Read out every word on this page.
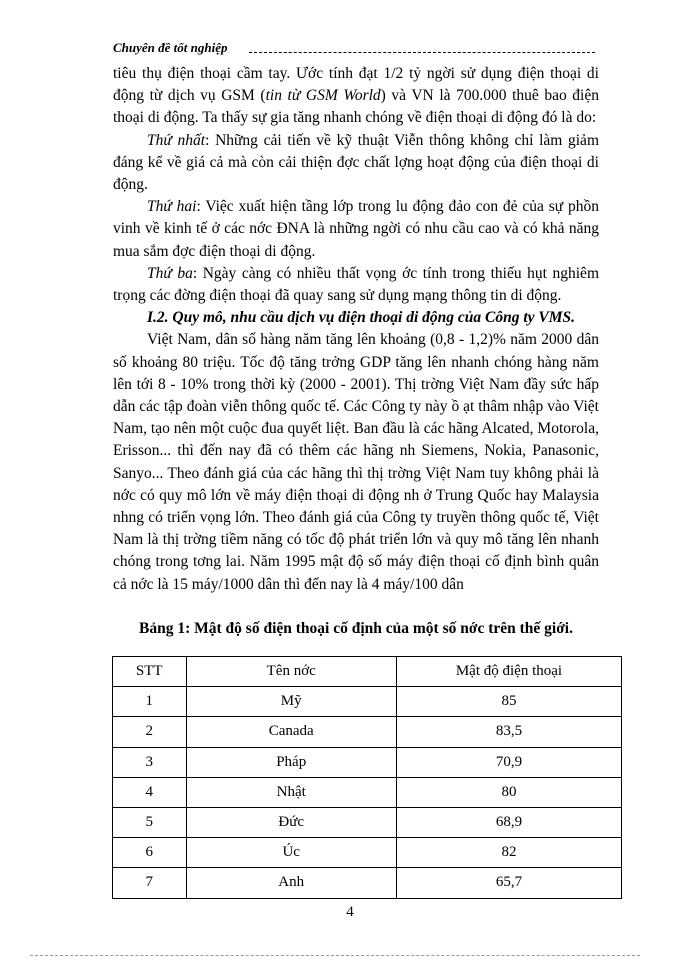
Chuyên đề tốt nghiệp

tiêu thụ điện thoại cầm tay. Ước tính đạt 1/2 tỷ ngời sử dụng điện thoại di động từ dịch vụ GSM (tin từ GSM World) và VN là 700.000 thuê bao điện thoại di động. Ta thấy sự gia tăng nhanh chóng về điện thoại di động đó là do:

Thứ nhất: Những cải tiến về kỹ thuật Viễn thông không chỉ làm giảm đáng kể về giá cả mà còn cải thiện đợc chất lợng hoạt động của điện thoại di động.

Thứ hai: Việc xuất hiện tầng lớp trong lu động đảo con đẻ của sự phồn vinh về kinh tế ở các nớc ĐNA là những ngời có nhu cầu cao và có khả năng mua sắm đợc điện thoại di động.

Thứ ba: Ngày càng có nhiều thất vọng ớc tính trong thiếu hụt nghiêm trọng các đờng điện thoại đã quay sang sử dụng mạng thông tin di động.

I.2. Quy mô, nhu cầu dịch vụ điện thoại di động của Công ty VMS.

Việt Nam, dân số hàng năm tăng lên khoảng (0,8 - 1,2)% năm 2000 dân số khoảng 80 triệu. Tốc độ tăng trởng GDP tăng lên nhanh chóng hàng năm lên tới 8 - 10% trong thời kỳ (2000 - 2001). Thị trờng Việt Nam đầy sức hấp dẫn các tập đoàn viễn thông quốc tế. Các Công ty này ồ ạt thâm nhập vào Việt Nam, tạo nên một cuộc đua quyết liệt. Ban đầu là các hãng Alcated, Motorola, Erisson... thì đến nay đã có thêm các hãng nh Siemens, Nokia, Panasonic, Sanyo... Theo đánh giá của các hãng thì thị trờng Việt Nam tuy không phải là nớc có quy mô lớn về máy điện thoại di động nh ở Trung Quốc hay Malaysia nhng có triển vọng lớn. Theo đánh giá của Công ty truyền thông quốc tế, Việt Nam là thị trờng tiềm năng có tốc độ phát triển lớn và quy mô tăng lên nhanh chóng trong tơng lai. Năm 1995 mật độ số máy điện thoại cố định bình quân cả nớc là 15 máy/1000 dân thì đến nay là 4 máy/100 dân

Bảng 1: Mật độ số điện thoại cố định của một số nớc trên thế giới.
STT	Tên nớc	Mật độ điện thoại
1	Mỹ	85
2	Canada	83,5
3	Pháp	70,9
4	Nhật	80
5	Đức	68,9
6	Úc	82
7	Anh	65,7
4
